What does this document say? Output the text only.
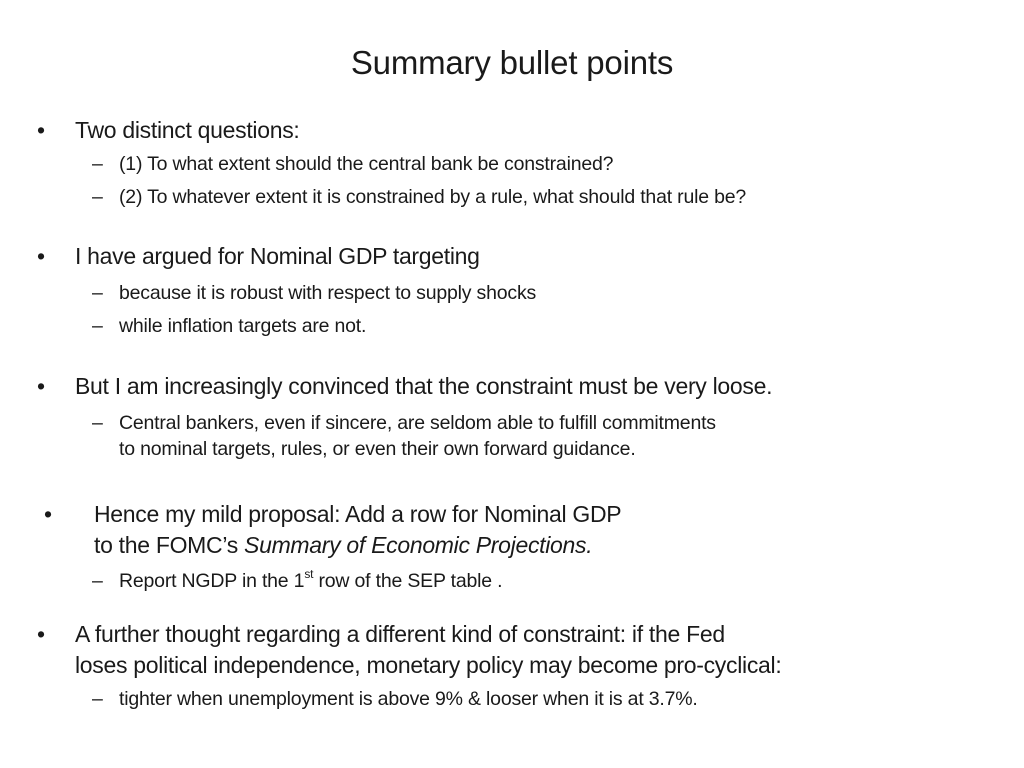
Summary bullet points
• Two distinct questions:
– (1) To what extent should the central bank be constrained?
– (2) To whatever extent it is constrained by a rule, what should that rule be?
• I have argued for Nominal GDP targeting
– because it is robust with respect to supply shocks
– while inflation targets are not.
• But I am increasingly convinced that the constraint must be very loose.
– Central bankers, even if sincere, are seldom able to fulfill commitments
to nominal targets, rules, or even their own forward guidance.
• Hence my mild proposal: Add a row for Nominal GDP
to the FOMC’s Summary of Economic Projections.
– Report NGDP in the 1st row of the SEP table .
• A further thought regarding a different kind of constraint: if the Fed
loses political independence, monetary policy may become pro-cyclical:
– tighter when unemployment is above 9% & looser when it is at 3.7%.
